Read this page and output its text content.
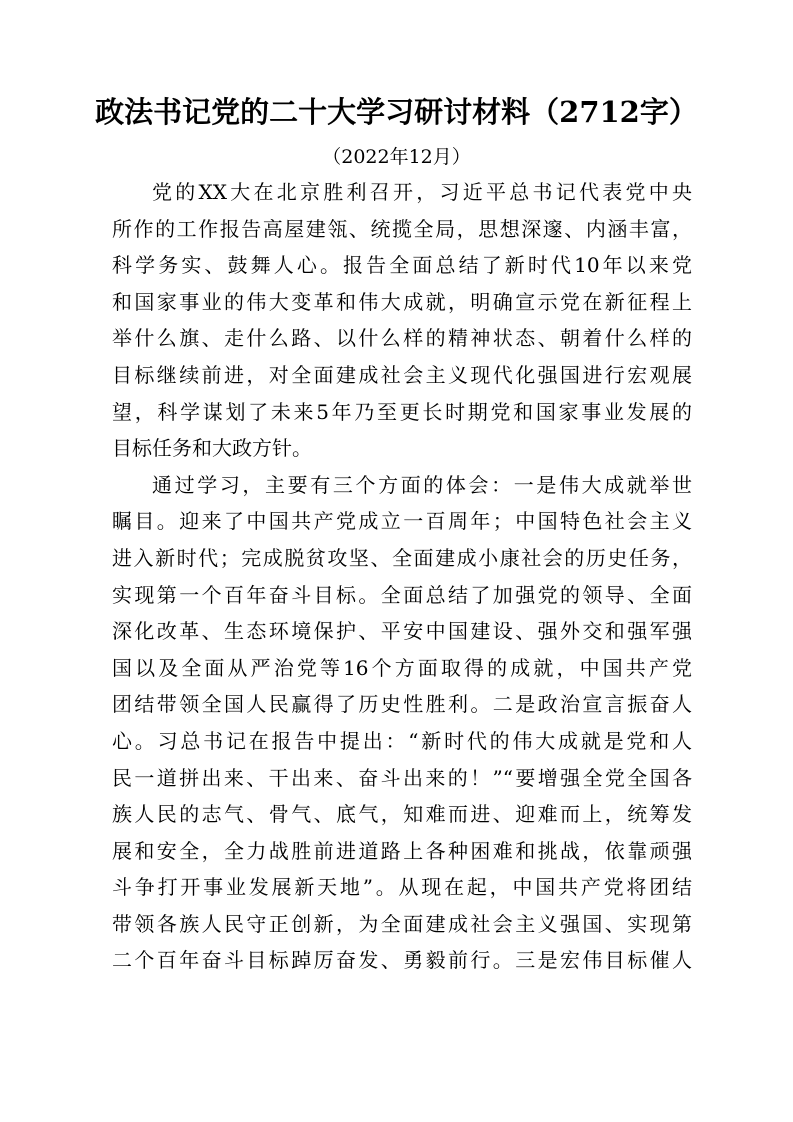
政法书记党的二十大学习研讨材料（2712字）
（2022年12月）
党的XX大在北京胜利召开，习近平总书记代表党中央
所作的工作报告高屋建瓴、统揽全局，思想深邃、内涵丰富，
科学务实、鼓舞人心。报告全面总结了新时代10年以来党
和国家事业的伟大变革和伟大成就，明确宣示党在新征程上
举什么旗、走什么路、以什么样的精神状态、朝着什么样的
目标继续前进，对全面建成社会主义现代化强国进行宏观展
望，科学谋划了未来5年乃至更长时期党和国家事业发展的
目标任务和大政方针。
通过学习，主要有三个方面的体会：一是伟大成就举世
瞩目。迎来了中国共产党成立一百周年；中国特色社会主义
进入新时代；完成脱贫攻坚、全面建成小康社会的历史任务，
实现第一个百年奋斗目标。全面总结了加强党的领导、全面
深化改革、生态环境保护、平安中国建设、强外交和强军强
国以及全面从严治党等16个方面取得的成就，中国共产党
团结带领全国人民赢得了历史性胜利。二是政治宣言振奋人
心。习总书记在报告中提出：“新时代的伟大成就是党和人
民一道拼出来、干出来、奋斗出来的！”“要增强全党全国各
族人民的志气、骨气、底气，知难而进、迎难而上，统筹发
展和安全，全力战胜前进道路上各种困难和挑战，依靠顽强
斗争打开事业发展新天地”。从现在起，中国共产党将团结
带领各族人民守正创新，为全面建成社会主义强国、实现第
二个百年奋斗目标踔厉奋发、勇毅前行。三是宏伟目标催人
